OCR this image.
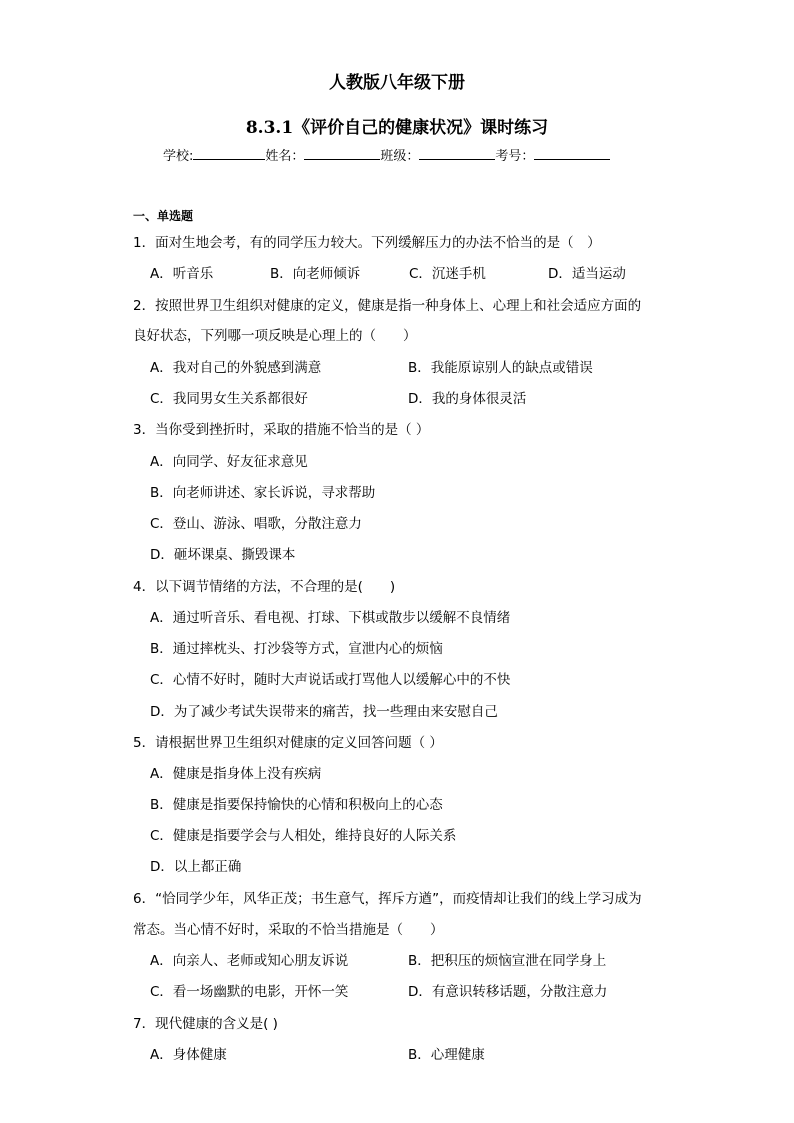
人教版八年级下册
8.3.1《评价自己的健康状况》课时练习
学校:	姓名：	班级：	考号：
一、单选题
1．面对生地会考，有的同学压力较大。下列缓解压力的办法不恰当的是（　）
A．听音乐	B．向老师倾诉	C．沉迷手机	D．适当运动
2．按照世界卫生组织对健康的定义，健康是指一种身体上、心理上和社会适应方面的
良好状态，下列哪一项反映是心理上的（　　）
A．我对自己的外貌感到满意	B．我能原谅别人的缺点或错误
C．我同男女生关系都很好	D．我的身体很灵活
3．当你受到挫折时，采取的措施不恰当的是（ ）
A．向同学、好友征求意见
B．向老师讲述、家长诉说，寻求帮助
C．登山、游泳、唱歌，分散注意力
D．砸坏课桌、撕毁课本
4．以下调节情绪的方法，不合理的是(　　)
A．通过听音乐、看电视、打球、下棋或散步以缓解不良情绪
B．通过摔枕头、打沙袋等方式，宣泄内心的烦恼
C．心情不好时，随时大声说话或打骂他人以缓解心中的不快
D．为了减少考试失误带来的痛苦，找一些理由来安慰自己
5．请根据世界卫生组织对健康的定义回答问题（ ）
A．健康是指身体上没有疾病
B．健康是指要保持愉快的心情和积极向上的心态
C．健康是指要学会与人相处，维持良好的人际关系
D．以上都正确
6．“恰同学少年，风华正茂；书生意气，挥斥方遒”，而疫情却让我们的线上学习成为
常态。当心情不好时，采取的不恰当措施是（　　）
A．向亲人、老师或知心朋友诉说	B．把积压的烦恼宣泄在同学身上
C．看一场幽默的电影，开怀一笑	D．有意识转移话题，分散注意力
7．现代健康的含义是( )
A．身体健康	B．心理健康
